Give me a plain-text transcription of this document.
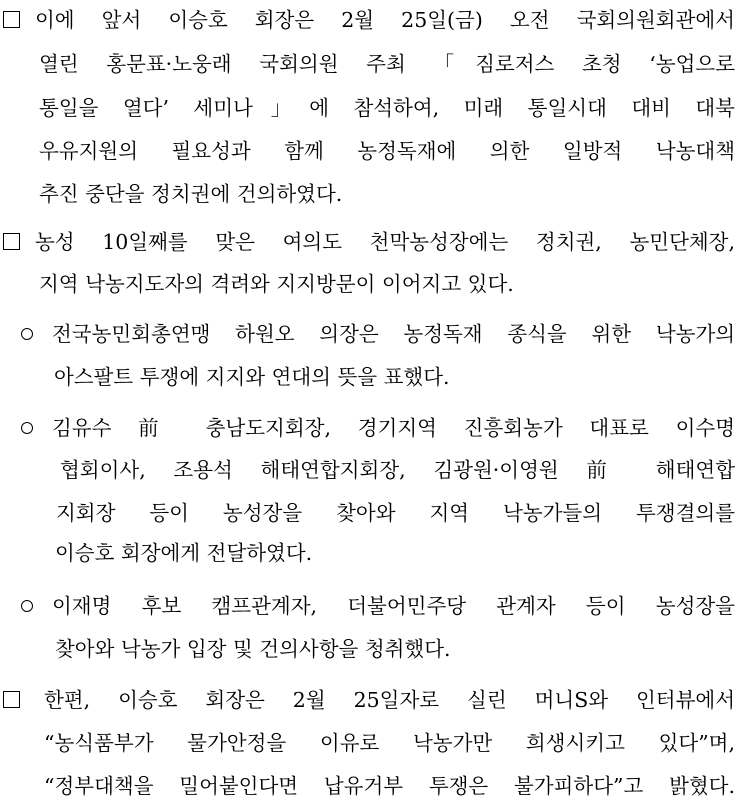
이에 앞서 이승호 회장은 2월 25일(금) 오전 국회의원회관에서
열린 홍문표·노웅래 국회의원 주최 「짐로저스 초청 ‘농업으로
통일을 열다’ 세미나」에 참석하여, 미래 통일시대 대비 대북
우유지원의 필요성과 함께 농정독재에 의한 일방적 낙농대책
추진 중단을 정치권에 건의하였다.
농성 10일째를 맞은 여의도 천막농성장에는 정치권, 농민단체장,
지역 낙농지도자의 격려와 지지방문이 이어지고 있다.
전국농민회총연맹 하원오 의장은 농정독재 종식을 위한 낙농가의
아스팔트 투쟁에 지지와 연대의 뜻을 표했다.
김유수 前 충남도지회장, 경기지역 진흥회농가 대표로 이수명
협회이사, 조용석 해태연합지회장, 김광원·이영원 前 해태연합
지회장 등이 농성장을 찾아와 지역 낙농가들의 투쟁결의를
이승호 회장에게 전달하였다.
이재명 후보 캠프관계자, 더불어민주당 관계자 등이 농성장을
찾아와 낙농가 입장 및 건의사항을 청취했다.
한편, 이승호 회장은 2월 25일자로 실린 머니S와 인터뷰에서
“농식품부가 물가안정을 이유로 낙농가만 희생시키고 있다”며,
“정부대책을 밀어붙인다면 납유거부 투쟁은 불가피하다”고 밝혔다.
